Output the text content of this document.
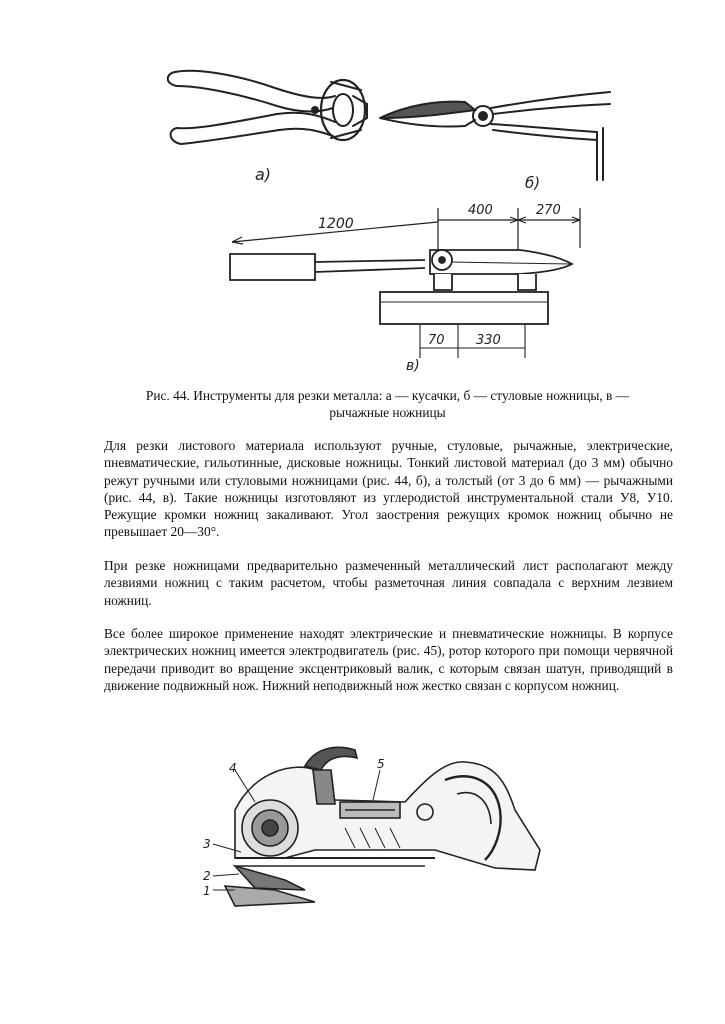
а)	б)
1200
400	270
70 330
в)

Рис. 44. Инструменты для резки металла: а — кусачки, б — стуловые ножницы, в —
рычажные ножницы

Для резки листового материала используют ручные, стуловые, рычажные, электрические, пневматические, гильотинные, дисковые ножницы. Тонкий листовой материал (до 3 мм) обычно режут ручными или стуловыми ножницами (рис. 44, б), а толстый (от 3 до 6 мм) — рычажными (рис. 44, в). Такие ножницы изготовляют из углеродистой инструментальной стали У8, У10. Режущие кромки ножниц закаливают. Угол заострения режущих кромок ножниц обычно не превышает 20—30°.

При резке ножницами предварительно размеченный металлический лист располагают между лезвиями ножниц с таким расчетом, чтобы разметочная линия совпадала с верхним лезвием ножниц.

Все более широкое применение находят электрические и пневматические ножницы. В корпусе электрических ножниц имеется электродвигатель (рис. 45), ротор которого при помощи червячной передачи приводит во вращение эксцентриковый валик, с которым связан шатун, приводящий в движение подвижный нож. Нижний неподвижный нож жестко связан с корпусом ножниц.

1
2
3
4	5
